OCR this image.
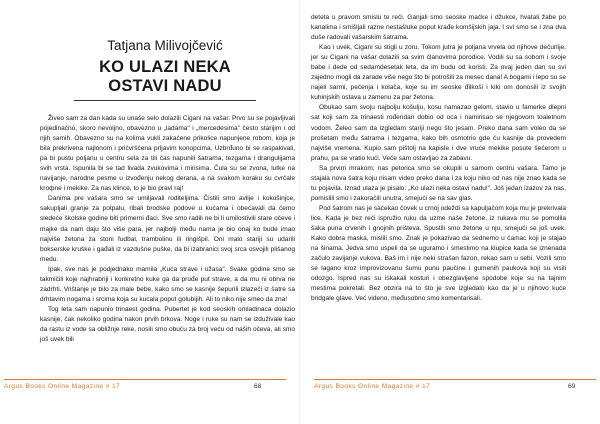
Tatjana Milivojčević
KO ULAZI NEKA
OSTAVI NADU

Živeo sam za dan kada su unaše selo dolazili Cigani na vašar. Prvo su se pojavljivali pojedinačno, skoro nevoljno, obavezno u „ladama" i „mercedesima" često starijim i od njih samih. Obavezno su na kolima vukli zakačene prikolice napunjene robom, koja je bila prekrivena najlonom i pričvršćena prljavim konopcima. Uzbrđuno bi se raspakivali, pa bi pustu poljanu u centru sela za tili čas napunili šatrama, tezgama i drangulijama svih vrsta. Ispunila bi se tad livada zvukovima i mirisima. Čula su se zvona, lutke na navijanje, narodne pesme u izvođenju nekog derana, a na svakom koraku su cvrčale kroфne i mekike. Za nas klince, to je bio pravi raj!

Danima pre vašara smo se umiljavali roditeljima. Čistili smo avlije i kokošinjce, sakupljali granje za potpalu, ribali brodske podove u kućama i obećavali da ćemo sledeće školske godine biti primerni đaci. Sve smo radili ne bi li umilostivili stare očeve i majke da nam daju što više para, jer najbolji među nama je bio onaj ko bude imao najviše žetona za stoni fudbal, trambolinu ili ringišpil. Oni malo stariji su udarili bokserske kruške i gađali iz vazdušne puške, da bi izabranici svoj srca osvojili plišanog medu.

Ipak, sve nas je podjednako mamila „Kuća strave i užasa". Svake godine smo se takmičili koje najhrabriji i konkretno kuke ga da prođe put strave, a da mu ni obrva ne zadrhti. Vrištanje je bilo za male bebe, kako smo se kasnije šepurili izlazeći iz šatre sa drhtavim nogama i srcima koja su kucala poput golubijih. Ali to niko nije smeo da zna!

Tog leta sam napunio trinaest godina. Pubertet je kod seoskih omladinaca dolazio kasnije, čak nekoliko godina nakon prvih brkova. Noge i ruke su nam se izduživale kao da rastu iz vode sa obližnje reke, nosili smo obuću za broj veću od naših očeva, ali smo još uvek bili

Argus Books Online Magazine # 17	68

deteta u pravom smislu te reči. Ganjali smo seoske mačke i džukce, hvatali žabe po kanalima i smišljali razne nestašluke poput krađe komšijskih jaja. I svi smo se i zna dva duše radovali vašarskim šatrama.

Kao i uvek, Cigani su stigli u zoru. Tokom jutra je poljana vrvela od njihove dečurlije, jer su Cigani na vašar dolazili sa svim članovima porodice. Vodili su sa sobom i svoje babe i dede od sedamdesetak leta, da im budu od koristi. Za ovaj jeden dan su svi zajedno mogli da zarade više nego što bi potrošili za mesec dana! A bogami i lepo su se najeli sarmi, pečenja i kolača, koje su im seoske đilkoši i kiki om donosili iz svojih kuhinjskih ostava u zamenu za par žetona.

Obukao sam svoju najbolju košulju, kosu namazao gelom, stavio u famerke dlepni sat koji sam za trinaesti rođendan dobio od oca i namirisao se njegovom toaletnom vodom. Želeo sam da izgledam stariji nego što jesam. Preko dana sam voleo da se prošetam među šatrama i tezgama, kako bih osmotrio gde ću kasnije da provedem najviše vremena. Kupio sam pištolj na kapisle i dve vruće mekike posute šećerom u prahu, pa se vratio kući. Veče sam ostavljao za zabavu.

Sa prvim mrakom, nas petorica smo se okupili u samom centru vašara. Tamo je stajala nova šatra koju nisam video preko dana i za koju niko od nas nije znao kada se tu pojavila. Iznad ulaza je pisalo: „Ko ulazi neka ostavi nadu!". Još jedan izazov za nas, pomislili smo i zakoračili unutra, smejući se na sav glas.

Pod šatrom nas je sačekao čovek u crnoj odeždi sa kapuljačom koja mu je prekrivala lice. Kada je bez reči ispružio ruku da uzme naše žetone, iz rukava mu se pomolila šaka puna crvenih i gnojnih prišteva. Spustili smo žetone u nju, smejući se još uvek. Kako dobra maska, mislili smo. Znak je pokazivao da sednemo u ćamac koji je stajao na šinama. Jedva smo uspeli da se uguramo i smestimo na klupice kada se iznenada začulo zavijanje vukova. Baš im i nije neki strašan fazon, rekao sam u sebi. Vozili smo se lagano kroz improvizovanu šumu punu paučine i gumenih paukova koji su visili odozgo. Ispred nas su iskakali kosturi i obezglavljene spodobe koje su na tajnim mestima pokretali. Bez obzira na to što je sve izgledalo kao da je u njihovo kuće bridgale glave. Već videno, međusobno smo komentarisali.

Argus Books Online Magazine # 17	69
